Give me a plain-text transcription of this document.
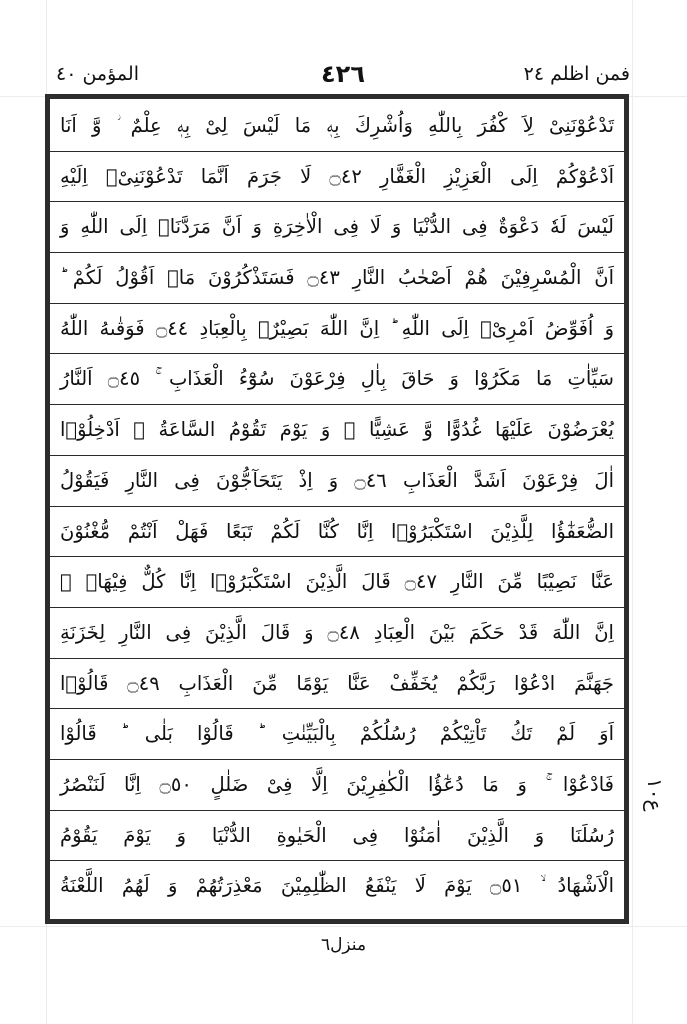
فمن اظلم ٢٤
٤٢٦
المؤمن ٤٠
تَدْعُوْنَنِیْ لِاَ كْفُرَ بِاللّٰهِ وَاُشْرِكَ بِهٖ مَا لَیْسَ لِیْ بِهٖ عِلْمٌ ؗ وَّ اَنَا
اَدْعُوْكُمْ اِلَى الْعَزِیْزِ الْغَفَّارِ ۝٤٢ لَا جَرَمَ اَنَّمَا تَدْعُوْنَنِیْۤ اِلَیْهِ
لَیْسَ لَهٗ دَعْوَةٌ فِی الدُّنْیَا وَ لَا فِی الْاٰخِرَةِ وَ اَنَّ مَرَدَّنَاۤ اِلَى اللّٰهِ وَ
اَنَّ الْمُسْرِفِیْنَ هُمْ اَصْحٰبُ النَّارِ ۝٤٣ فَسَتَذْكُرُوْنَ مَاۤ اَقُوْلُ لَكُمْ ؕ
وَ اُفَوِّضُ اَمْرِیْۤ اِلَى اللّٰهِ ؕ اِنَّ اللّٰهَ بَصِیْرٌۢ بِالْعِبَادِ ۝٤٤ فَوَقٰىهُ اللّٰهُ
سَیِّاٰتِ مَا مَكَرُوْا وَ حَاقَ بِاٰلِ فِرْعَوْنَ سُوْٓءُ الْعَذَابِ ۚ ۝٤٥ اَلنَّارُ
یُعْرَضُوْنَ عَلَیْهَا غُدُوًّا وَّ عَشِیًّا ۚ وَ یَوْمَ تَقُوْمُ السَّاعَةُ ۫ اَدْخِلُوْۤا
اٰلَ فِرْعَوْنَ اَشَدَّ الْعَذَابِ ۝٤٦ وَ اِذْ یَتَحَآجُّوْنَ فِی النَّارِ فَیَقُوْلُ
الضُّعَفٰٓؤُا لِلَّذِیْنَ اسْتَكْبَرُوْۤا اِنَّا كُنَّا لَكُمْ تَبَعًا فَهَلْ اَنْتُمْ مُّغْنُوْنَ
عَنَّا نَصِیْبًا مِّنَ النَّارِ ۝٤٧ قَالَ الَّذِیْنَ اسْتَكْبَرُوْۤا اِنَّا كُلٌّ فِیْهَاۤ ۙ
اِنَّ اللّٰهَ قَدْ حَكَمَ بَیْنَ الْعِبَادِ ۝٤٨ وَ قَالَ الَّذِیْنَ فِی النَّارِ لِخَزَنَةِ
جَهَنَّمَ ادْعُوْا رَبَّكُمْ یُخَفِّفْ عَنَّا یَوْمًا مِّنَ الْعَذَابِ ۝٤٩ قَالُوْۤا
اَوَ لَمْ تَكُ تَاْتِیْكُمْ رُسُلُكُمْ بِالْبَیِّنٰتِ ؕ قَالُوْا بَلٰى ؕ قَالُوْا
فَادْعُوْا ۚ وَ مَا دُعٰٓؤُا الْكٰفِرِیْنَ اِلَّا فِیْ ضَلٰلٍ ۝٥٠ اِنَّا لَنَنْصُرُ
رُسُلَنَا وَ الَّذِیْنَ اٰمَنُوْا فِی الْحَیٰوةِ الدُّنْیَا وَ یَوْمَ یَقُوْمُ
الْاَشْهَادُ ۙ ۝٥١ یَوْمَ لَا یَنْفَعُ الظّٰلِمِیْنَ مَعْذِرَتُهُمْ وَ لَهُمُ اللَّعْنَةُ
ع١٠
منزل٦
